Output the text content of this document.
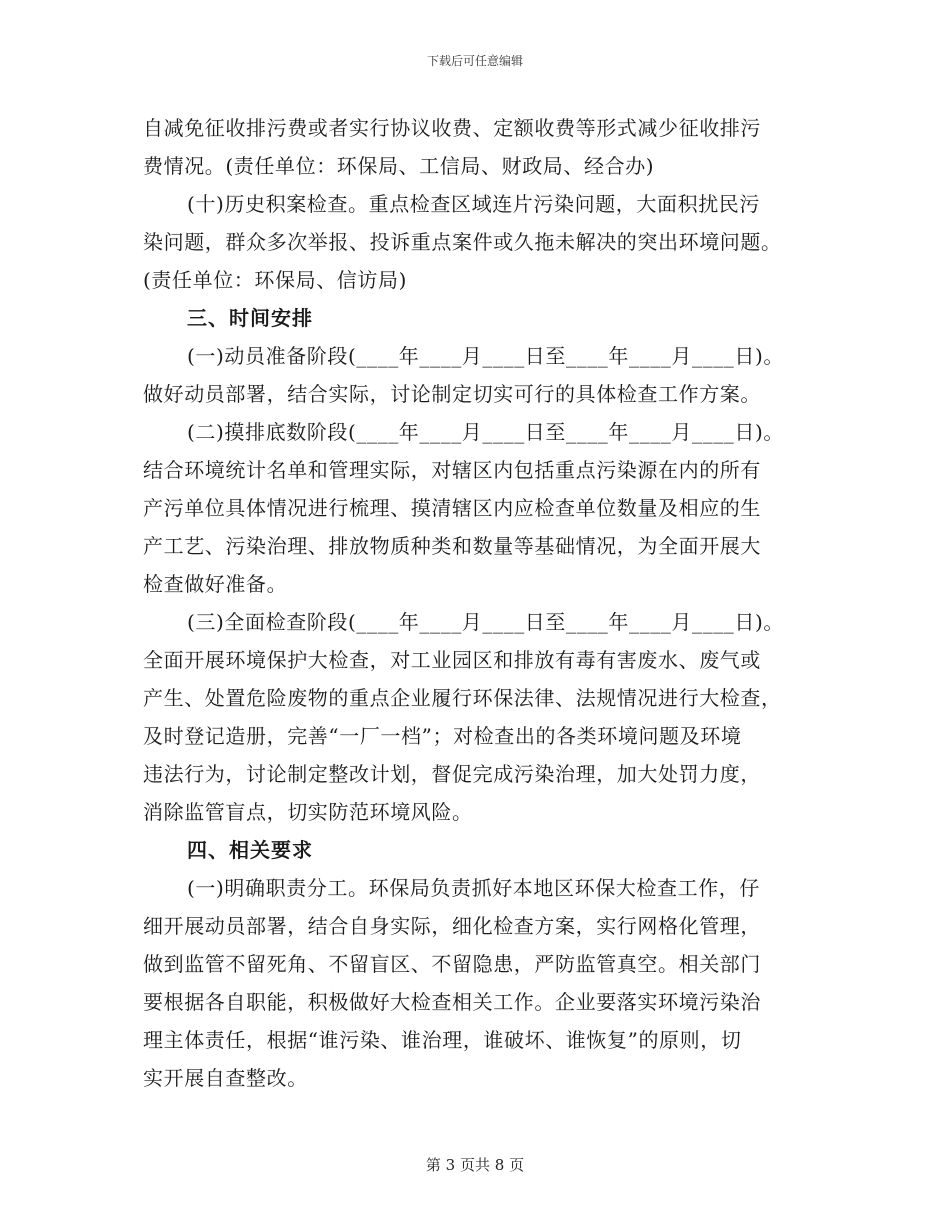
下载后可任意编辑
自减免征收排污费或者实行协议收费、定额收费等形式减少征收排污
费情况。(责任单位：环保局、工信局、财政局、经合办)
(十)历史积案检查。重点检查区域连片污染问题，大面积扰民污
染问题，群众多次举报、投诉重点案件或久拖未解决的突出环境问题。
(责任单位：环保局、信访局)
三、时间安排
(一)动员准备阶段(____年____月____日至____年____月____日)。
做好动员部署，结合实际，讨论制定切实可行的具体检查工作方案。
(二)摸排底数阶段(____年____月____日至____年____月____日)。
结合环境统计名单和管理实际，对辖区内包括重点污染源在内的所有
产污单位具体情况进行梳理、摸清辖区内应检查单位数量及相应的生
产工艺、污染治理、排放物质种类和数量等基础情况，为全面开展大
检查做好准备。
(三)全面检查阶段(____年____月____日至____年____月____日)。
全面开展环境保护大检查，对工业园区和排放有毒有害废水、废气或
产生、处置危险废物的重点企业履行环保法律、法规情况进行大检查，
及时登记造册，完善“一厂一档”；对检查出的各类环境问题及环境
违法行为，讨论制定整改计划，督促完成污染治理，加大处罚力度，
消除监管盲点，切实防范环境风险。
四、相关要求
(一)明确职责分工。环保局负责抓好本地区环保大检查工作，仔
细开展动员部署，结合自身实际，细化检查方案，实行网格化管理，
做到监管不留死角、不留盲区、不留隐患，严防监管真空。相关部门
要根据各自职能，积极做好大检查相关工作。企业要落实环境污染治
理主体责任，根据“谁污染、谁治理，谁破坏、谁恢复”的原则，切
实开展自查整改。
第 3 页共 8 页
